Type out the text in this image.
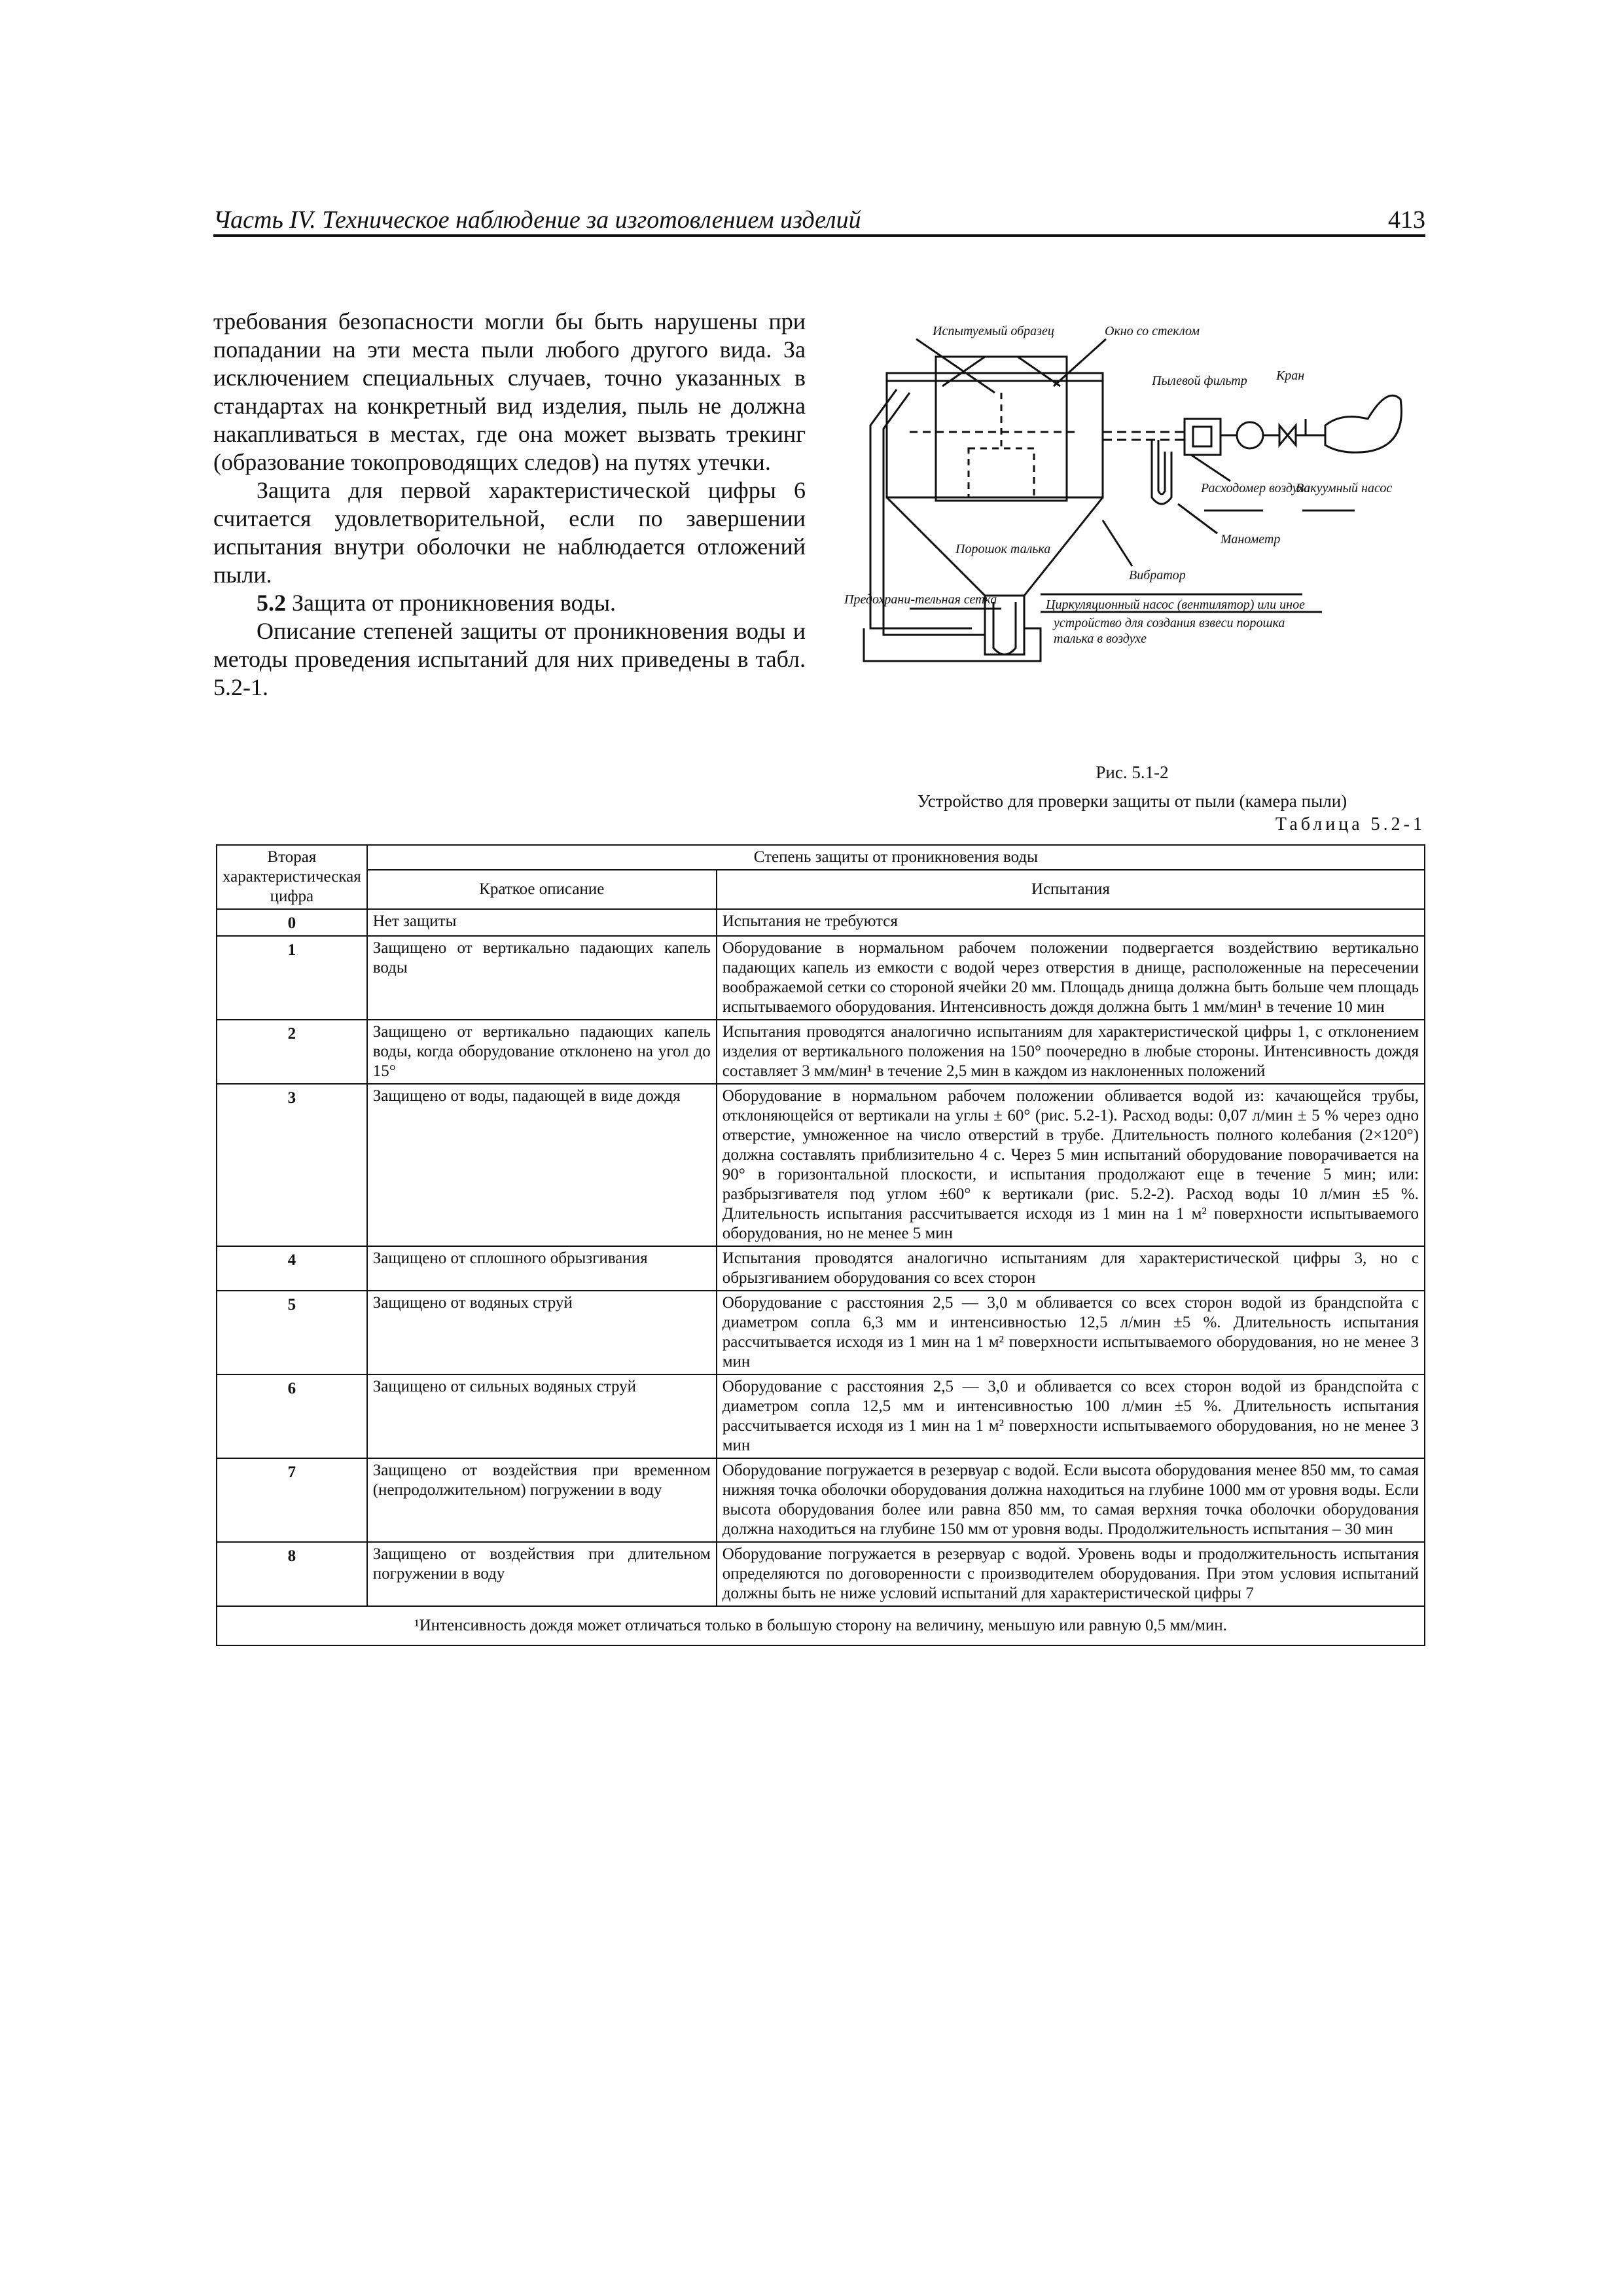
Часть IV. Техническое наблюдение за изготовлением изделий	413

требования безопасности могли бы быть нарушены при попадании на эти места пыли любого другого вида. За исключением специальных случаев, точно указанных в стандартах на конкретный вид изделия, пыль не должна накапливаться в местах, где она может вызвать трекинг (образование токопроводящих следов) на путях утечки.

Защита для первой характеристической цифры 6 считается удовлетворительной, если по завершении испытания внутри оболочки не наблюдается отложений пыли.

5.2 Защита от проникновения воды.

Описание степеней защиты от проникновения воды и методы проведения испытаний для них приведены в табл. 5.2-1.

Испытуемый образец	Окно со стеклом
Пылевой фильтр Кран
Расходомер воздуха
Вакуумный насос
Манометр
Порошок талька
Вибратор
Предохрани-тельная сетка	Циркуляционный насос (вентилятор) или иное
устройство для создания взвеси порошка
талька в воздухе
Рис. 5.1-2
Устройство для проверки защиты от пыли (камера пыли)
Таблица 5.2-1
Вторая характеристическая цифра	Степень защиты от проникновения воды	
	Краткое описание	Испытания
0	Нет защиты	Испытания не требуются
1	Защищено от вертикально падающих капель воды	Оборудование в нормальном рабочем положении подвергается воздействию вертикально падающих капель из емкости с водой через отверстия в днище, расположенные на пересечении воображаемой сетки со стороной ячейки 20 мм. Площадь днища должна быть больше чем площадь испытываемого оборудования. Интенсивность дождя должна быть 1 мм/мин¹ в течение 10 мин
2	Защищено от вертикально падающих капель воды, когда оборудование отклонено на угол до 15°	Испытания проводятся аналогично испытаниям для характеристической цифры 1, с отклонением изделия от вертикального положения на 150° поочередно в любые стороны. Интенсивность дождя составляет 3 мм/мин¹ в течение 2,5 мин в каждом из наклоненных положений
3	Защищено от воды, падающей в виде дождя	Оборудование в нормальном рабочем положении обливается водой из: качающейся трубы, отклоняющейся от вертикали на углы ± 60° (рис. 5.2-1). Расход воды: 0,07 л/мин ± 5 % через одно отверстие, умноженное на число отверстий в трубе. Длительность полного колебания (2×120°) должна составлять приблизительно 4 с. Через 5 мин испытаний оборудование поворачивается на 90° в горизонтальной плоскости, и испытания продолжают еще в течение 5 мин; или: разбрызгивателя под углом ±60° к вертикали (рис. 5.2-2). Расход воды 10 л/мин ±5 %. Длительность испытания рассчитывается исходя из 1 мин на 1 м² поверхности испытываемого оборудования, но не менее 5 мин
4	Защищено от сплошного обрызгивания	Испытания проводятся аналогично испытаниям для характеристической цифры 3, но с обрызгиванием оборудования со всех сторон
5	Защищено от водяных струй	Оборудование с расстояния 2,5 — 3,0 м обливается со всех сторон водой из брандспойта с диаметром сопла 6,3 мм и интенсивностью 12,5 л/мин ±5 %. Длительность испытания рассчитывается исходя из 1 мин на 1 м² поверхности испытываемого оборудования, но не менее 3 мин
6	Защищено от сильных водяных струй	Оборудование с расстояния 2,5 — 3,0 и обливается со всех сторон водой из брандспойта с диаметром сопла 12,5 мм и интенсивностью 100 л/мин ±5 %. Длительность испытания рассчитывается исходя из 1 мин на 1 м² поверхности испытываемого оборудования, но не менее 3 мин
7	Защищено от воздействия при временном (непродолжительном) погружении в воду	Оборудование погружается в резервуар с водой. Если высота оборудования менее 850 мм, то самая нижняя точка оболочки оборудования должна находиться на глубине 1000 мм от уровня воды. Если высота оборудования более или равна 850 мм, то самая верхняя точка оболочки оборудования должна находиться на глубине 150 мм от уровня воды. Продолжительность испытания – 30 мин
8	Защищено от воздействия при длительном погружении в воду	Оборудование погружается в резервуар с водой. Уровень воды и продолжительность испытания определяются по договоренности с производителем оборудования. При этом условия испытаний должны быть не ниже условий испытаний для характеристической цифры 7
¹Интенсивность дождя может отличаться только в большую сторону на величину, меньшую или равную 0,5 мм/мин.		
